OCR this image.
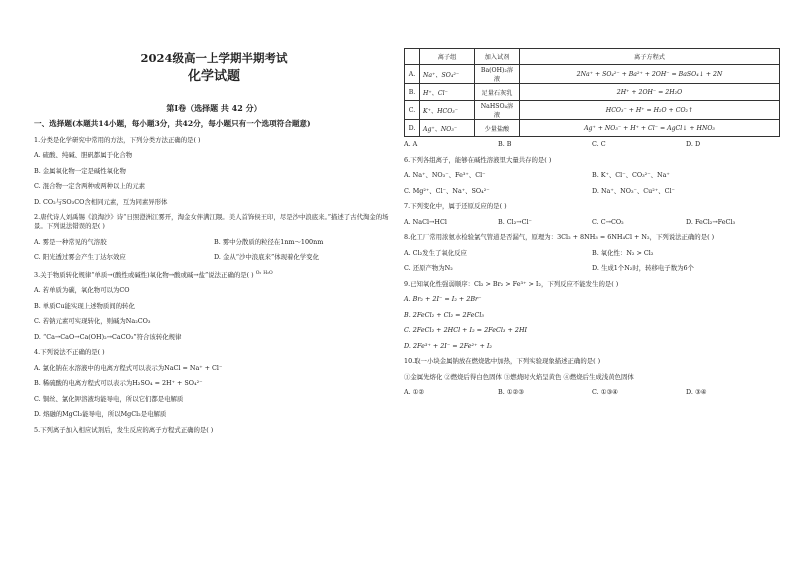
2024级高一上学期半期考试
化学试题
第Ⅰ卷（选择题 共 42 分）
一、选择题(本题共14小题，每小题3分，共42分，每小题只有一个选项符合题意)
1.分类是化学研究中常用的方法，下列分类方法正确的是( )
A. 硫酸、纯碱、胆矾都属于化合物
B. 金属氧化物一定是碱性氧化物
C. 混合物一定含两种或两种以上的元素
D. CO₂与SO₃CO含相同元素，互为同素异形体
2.唐代诗人刘禹锡《浪淘沙》诗“日照澄洲江雾开，淘金女伴满江隈。美人首饰侯王印，尽是沙中浪底来。”描述了古代淘金的场景。下列说法错误的是( )
A. 雾是一种常见的气溶胶	B. 雾中分散质的粒径在1nm～100nm
C. 阳光透过雾会产生丁达尔效应	D. 金从“沙中浪底来”体现着化学变化
3.关于物质转化规律“单质→(酸性或碱性)氧化物→酸或碱→盐”说法正确的是( ) $^{O_2}$ $^{H_2O}$
A. 若单质为碳，氧化物可以为CO
B. 单质Cu能实现上述物质间的转化
C. 若钠元素可实现转化，则碱为Na₂CO₃
D. “Ca→CaO→Ca(OH)₂→CaCO₃”符合该转化规律
4.下列说法不正确的是( )
A. 氯化钠在水溶液中的电离方程式可以表示为NaCl = Na⁺ + Cl⁻
B. 稀硫酸的电离方程式可以表示为H₂SO₄ = 2H⁺ + SO₄²⁻
C. 铜丝、氯化钾溶液均能导电，所以它们都是电解质
D. 熔融的MgCl₂能导电，所以MgCl₂是电解质
5.下列离子加入相应试剂后，发生反应的离子方程式正确的是( )
	离子组	加入试剂	离子方程式
A.	Na⁺、SO₄²⁻	Ba(OH)₂溶液	2Na⁺ + SO₄²⁻ + Ba²⁺ + 2OH⁻ = BaSO₄↓ + 2N
B.	H⁺、Cl⁻	足量石灰乳	2H⁺ + 2OH⁻ = 2H₂O
C.	K⁺、HCO₃⁻	NaHSO₄溶液	HCO₃⁻ + H⁺ = H₂O + CO₂↑
D.	Ag⁺、NO₃⁻	少量盐酸	Ag⁺ + NO₃⁻ + H⁺ + Cl⁻ = AgCl↓ + HNO₃
A. A	B. B	C. C	D. D
6.下列各组离子，能够在碱性溶液里大量共存的是( )
A. Na⁺、NO₃⁻、Fe³⁺、Cl⁻	B. K⁺、Cl⁻、CO₃²⁻、Na⁺
C. Mg²⁺、Cl⁻、Na⁺、SO₄²⁻	D. Na⁺、NO₃⁻、Cu²⁺、Cl⁻
7.下列变化中，属于还原反应的是( )
A. NaCl→HCl	B. Cl₂→Cl⁻	C. C→CO₂	D. FeCl₂→FeCl₃
8.化工厂常用浓氨水检验氯气管道是否漏气，原理为：3Cl₂ + 8NH₃ = 6NH₄Cl + N₂，下列说法正确的是( )
A. Cl₂发生了氧化反应	B. 氧化性：N₂ > Cl₂
C. 还原产物为N₂	D. 生成1个N₂时，转移电子数为6个
9.已知氧化性强弱顺序：Cl₂ > Br₂ > Fe³⁺ > I₂，下列反应不能发生的是( )
A. Br₂ + 2I⁻ = I₂ + 2Br⁻
B. 2FeCl₂ + Cl₂ = 2FeCl₃
C. 2FeCl₂ + 2HCl + I₂ = 2FeCl₃ + 2HI
D. 2Fe³⁺ + 2I⁻ = 2Fe²⁺ + I₂
10.取一小块金属钠放在燃烧匙中加热，下列实验现象描述正确的是( )
①金属先熔化 ②燃烧后得白色固体 ③燃烧时火焰呈黄色 ④燃烧后生成浅黄色固体
A. ①②	B. ①②③	C. ①③④	D. ③④
